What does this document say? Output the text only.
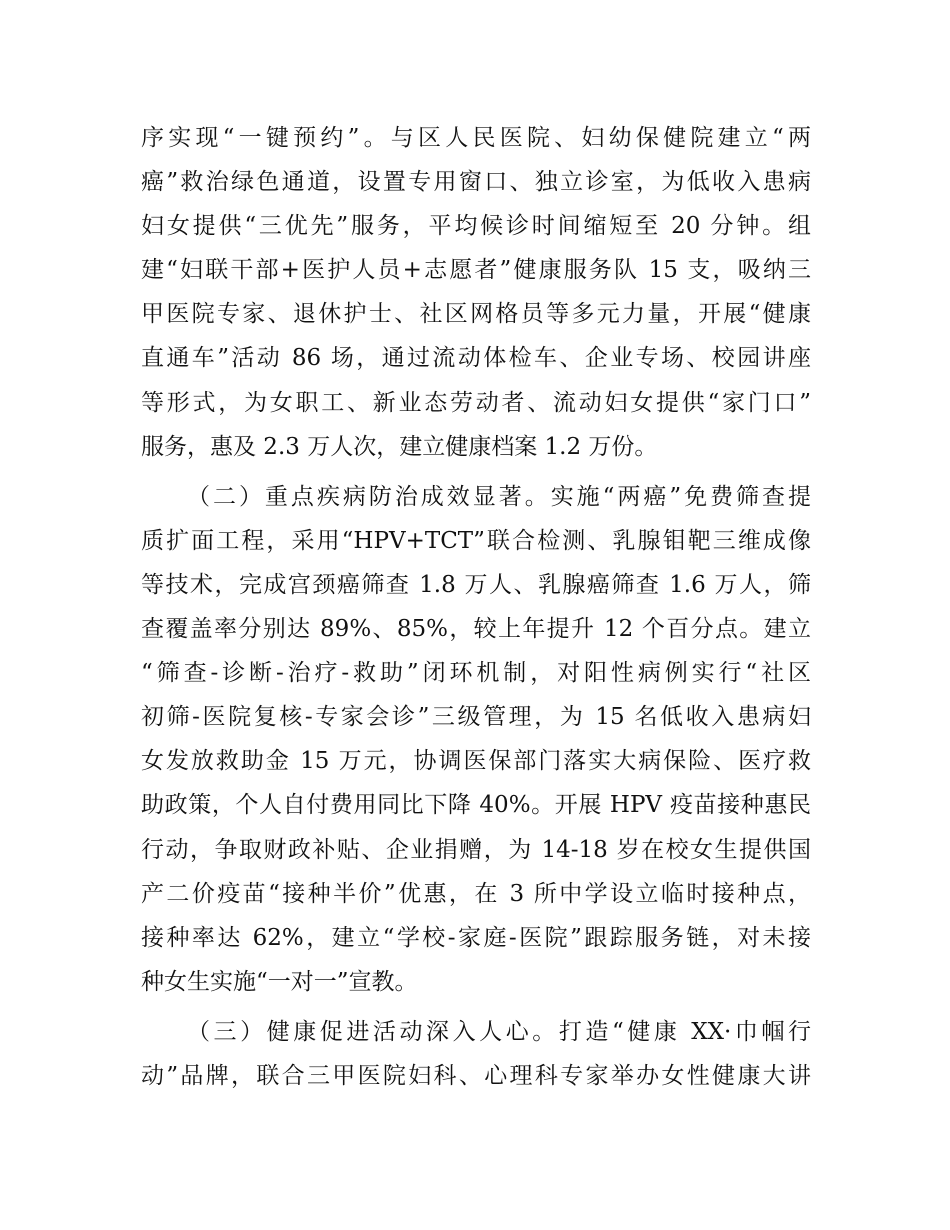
序实现“一键预约”。与区人民医院、妇幼保健院建立“两
癌”救治绿色通道，设置专用窗口、独立诊室，为低收入患病
妇女提供“三优先”服务，平均候诊时间缩短至 20 分钟。组
建“妇联干部+医护人员+志愿者”健康服务队 15 支，吸纳三
甲医院专家、退休护士、社区网格员等多元力量，开展“健康
直通车”活动 86 场，通过流动体检车、企业专场、校园讲座
等形式，为女职工、新业态劳动者、流动妇女提供“家门口”
服务，惠及 2.3 万人次，建立健康档案 1.2 万份。
（二）重点疾病防治成效显著。实施“两癌”免费筛查提
质扩面工程，采用“HPV+TCT”联合检测、乳腺钼靶三维成像
等技术，完成宫颈癌筛查 1.8 万人、乳腺癌筛查 1.6 万人，筛
查覆盖率分别达 89%、85%，较上年提升 12 个百分点。建立
“筛查-诊断-治疗-救助”闭环机制，对阳性病例实行“社区
初筛-医院复核-专家会诊”三级管理，为 15 名低收入患病妇
女发放救助金 15 万元，协调医保部门落实大病保险、医疗救
助政策，个人自付费用同比下降 40%。开展 HPV 疫苗接种惠民
行动，争取财政补贴、企业捐赠，为 14-18 岁在校女生提供国
产二价疫苗“接种半价”优惠，在 3 所中学设立临时接种点，
接种率达 62%，建立“学校-家庭-医院”跟踪服务链，对未接
种女生实施“一对一”宣教。
（三）健康促进活动深入人心。打造“健康 XX·巾帼行
动”品牌，联合三甲医院妇科、心理科专家举办女性健康大讲
